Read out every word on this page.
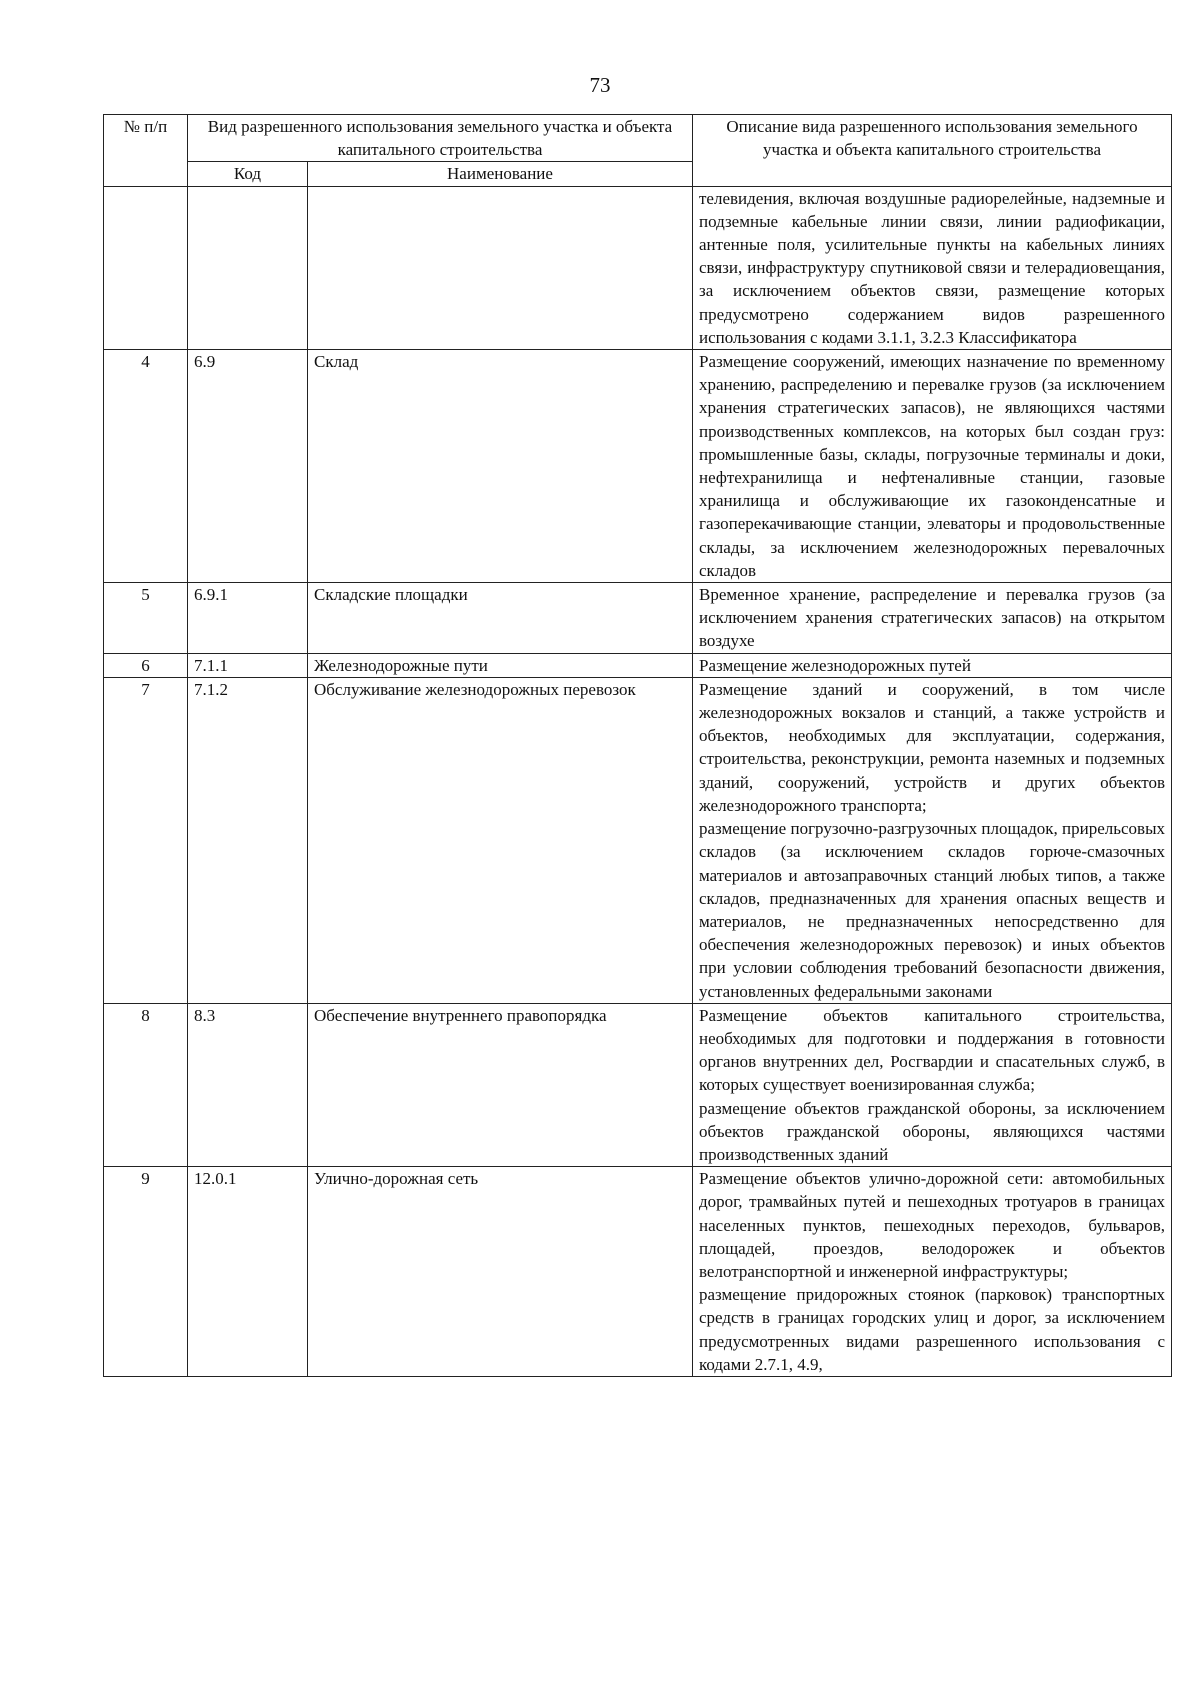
73
№ п/п	Вид разрешенного использования земельного участка и объекта капитального строительства		Описание вида разрешенного использования земельного участка и объекта капитального строительства
	Код	Наименование	

			телевидения, включая воздушные радиорелейные, надземные и подземные кабельные линии связи, линии радиофикации, антенные поля, усилительные пункты на кабельных линиях связи, инфраструктуру спутниковой связи и телерадиовещания, за исключением объектов связи, размещение которых предусмотрено содержанием видов разрешенного использования с кодами 3.1.1, 3.2.3 Классификатора

4	6.9	Склад	Размещение сооружений, имеющих назначение по временному хранению, распределению и перевалке грузов (за исключением хранения стратегических запасов), не являющихся частями производственных комплексов, на которых был создан груз: промышленные базы, склады, погрузочные терминалы и доки, нефтехранилища и нефтеналивные станции, газовые хранилища и обслуживающие их газоконденсатные и газоперекачивающие станции, элеваторы и продовольственные склады, за исключением железнодорожных перевалочных складов

5	6.9.1	Складские площадки	Временное хранение, распределение и перевалка грузов (за исключением хранения стратегических запасов) на открытом воздухе

6	7.1.1	Железнодорожные пути	Размещение железнодорожных путей

7	7.1.2	Обслуживание железнодорожных перевозок	Размещение зданий и сооружений, в том числе железнодорожных вокзалов и станций, а также устройств и объектов, необходимых для эксплуатации, содержания, строительства, реконструкции, ремонта наземных и подземных зданий, сооружений, устройств и других объектов железнодорожного транспорта;
размещение погрузочно-разгрузочных площадок, прирельсовых складов (за исключением складов горюче-смазочных материалов и автозаправочных станций любых типов, а также складов, предназначенных для хранения опасных веществ и материалов, не предназначенных непосредственно для обеспечения железнодорожных перевозок) и иных объектов при условии соблюдения требований безопасности движения, установленных федеральными законами

8	8.3	Обеспечение внутреннего правопорядка	Размещение объектов капитального строительства, необходимых для подготовки и поддержания в готовности органов внутренних дел, Росгвардии и спасательных служб, в которых существует военизированная служба;
размещение объектов гражданской обороны, за исключением объектов гражданской обороны, являющихся частями производственных зданий

9	12.0.1	Улично-дорожная сеть	Размещение объектов улично-дорожной сети: автомобильных дорог, трамвайных путей и пешеходных тротуаров в границах населенных пунктов, пешеходных переходов, бульваров, площадей, проездов, велодорожек и объектов велотранспортной и инженерной инфраструктуры;
размещение придорожных стоянок (парковок) транспортных средств в границах городских улиц и дорог, за исключением предусмотренных видами разрешенного использования с кодами 2.7.1, 4.9,
